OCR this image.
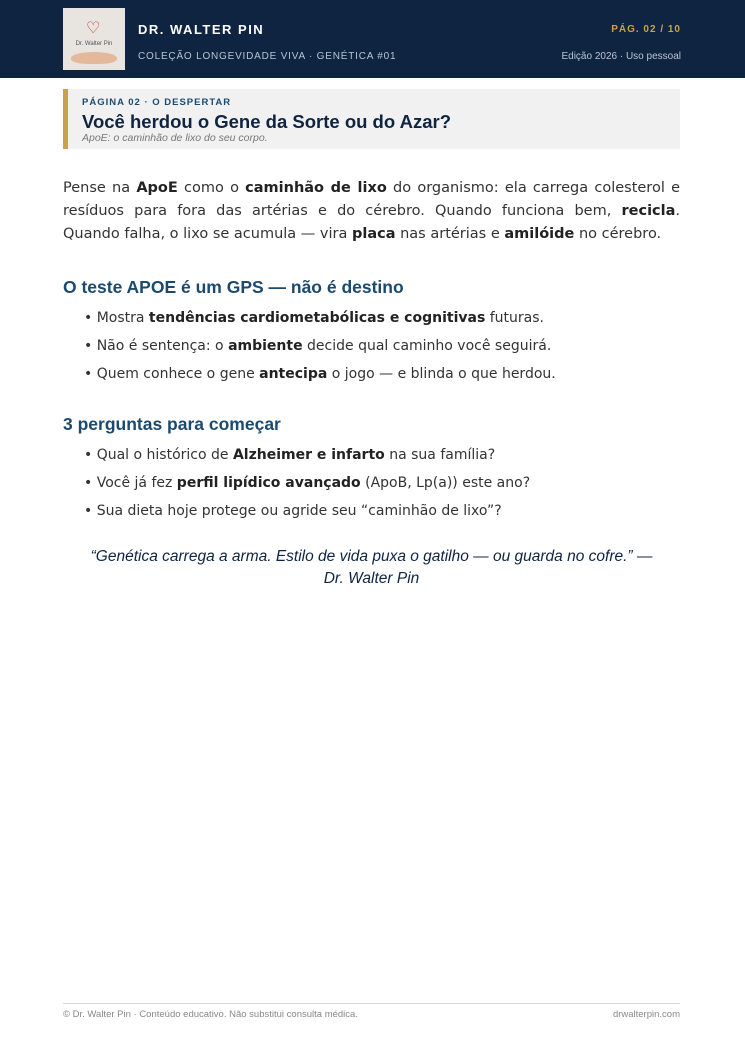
♡
Dr. Walter Pin
DR. WALTER PIN
COLEÇÃO LONGEVIDADE VIVA · GENÉTICA #01
PÁG. 02 / 10
Edição 2026 · Uso pessoal
PÁGINA 02 · O DESPERTAR
Você herdou o Gene da Sorte ou do Azar?
ApoE: o caminhão de lixo do seu corpo.

Pense na ApoE como o caminhão de lixo do organismo: ela carrega colesterol e resíduos para fora das artérias e do cérebro. Quando funciona bem, recicla. Quando falha, o lixo se acumula — vira placa nas artérias e amilóide no cérebro.

O teste APOE é um GPS — não é destino
• Mostra tendências cardiometabólicas e cognitivas futuras.
• Não é sentença: o ambiente decide qual caminho você seguirá.
• Quem conhece o gene antecipa o jogo — e blinda o que herdou.
3 perguntas para começar
• Qual o histórico de Alzheimer e infarto na sua família?
• Você já fez perfil lipídico avançado (ApoB, Lp(a)) este ano?
• Sua dieta hoje protege ou agride seu “caminhão de lixo”?
“Genética carrega a arma. Estilo de vida puxa o gatilho — ou guarda no cofre.” —
Dr. Walter Pin
© Dr. Walter Pin · Conteúdo educativo. Não substitui consulta médica.	drwalterpin.com
